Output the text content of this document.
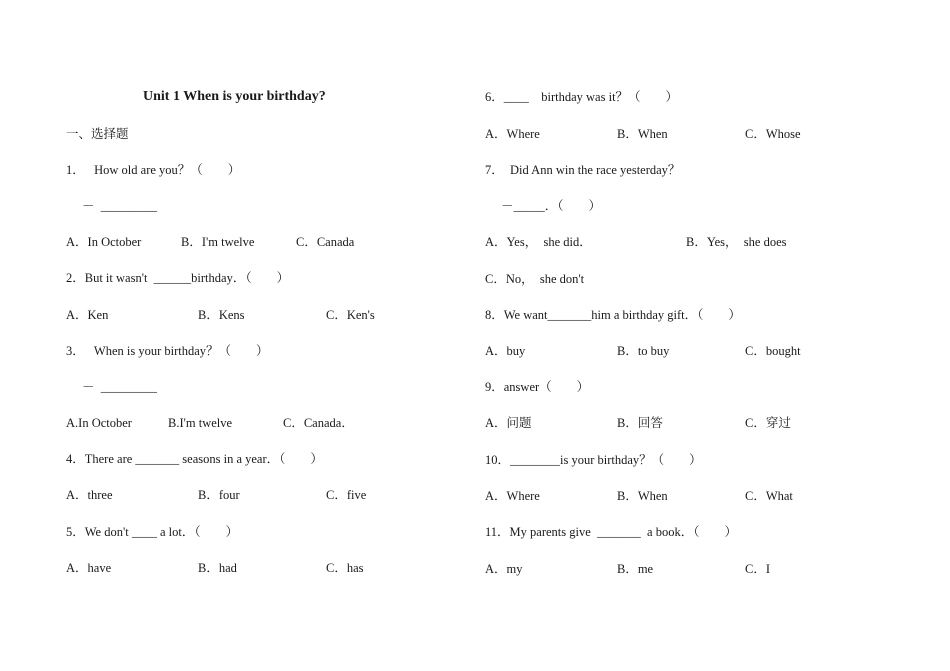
Unit 1 When is your birthday?
一、选择题
1．   How old are you？（        ）
－  _________
A．In October	B．I'm twelve	C．Canada
2．But it wasn't  ______birthday．（        ）
A．Ken	B．Kens	C．Ken's
3．   When is your birthday？（        ）
－  _________
A.In October	B.I'm twelve	C．Canada．
4．There are _______ seasons in a year．（        ）
A．three	B．four	C．five
5．We don't ____ a lot．（        ）
A．have	B．had	C．has
6．____    birthday was it？（        ）
A．Where	B．When	C．Whose
7．  Did Ann win the race yesterday？
－_____．（        ）
A．Yes，  she did．	B．Yes，  she does
C．No，  she don't
8．We want_______him a birthday gift．（        ）
A．buy	B．to buy	C．bought
9．answer（        ）
A．问题	B．回答	C．穿过
10．________is your birthday？（        ）
A．Where	B．When	C．What
11．My parents give  _______  a book．（        ）
A．my	B．me	C．I
